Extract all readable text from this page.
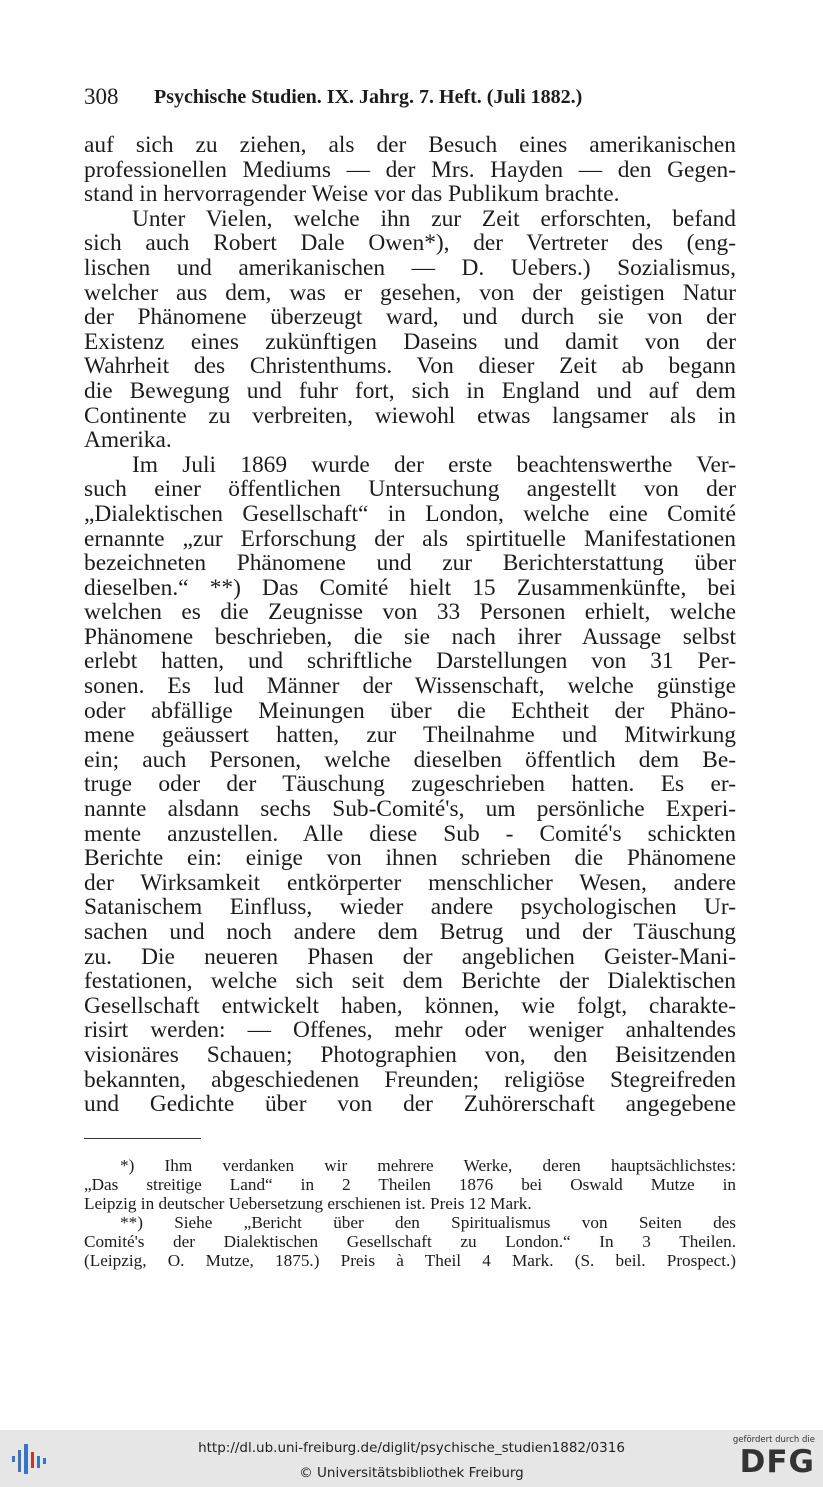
308 Psychische Studien. IX. Jahrg. 7. Heft. (Juli 1882.)
auf sich zu ziehen, als der Besuch eines amerikanischen
professionellen Mediums — der Mrs. Hayden — den Gegen-
stand in hervorragender Weise vor das Publikum brachte.
Unter Vielen, welche ihn zur Zeit erforschten, befand
sich auch Robert Dale Owen*), der Vertreter des (eng-
lischen und amerikanischen — D. Uebers.) Sozialismus,
welcher aus dem, was er gesehen, von der geistigen Natur
der Phänomene überzeugt ward, und durch sie von der
Existenz eines zukünftigen Daseins und damit von der
Wahrheit des Christenthums. Von dieser Zeit ab begann
die Bewegung und fuhr fort, sich in England und auf dem
Continente zu verbreiten, wiewohl etwas langsamer als in
Amerika.
Im Juli 1869 wurde der erste beachtenswerthe Ver-
such einer öffentlichen Untersuchung angestellt von der
„Dialektischen Gesellschaft“ in London, welche eine Comité
ernannte „zur Erforschung der als spirtituelle Manifestationen
bezeichneten Phänomene und zur Berichterstattung über
dieselben.“ **) Das Comité hielt 15 Zusammenkünfte, bei
welchen es die Zeugnisse von 33 Personen erhielt, welche
Phänomene beschrieben, die sie nach ihrer Aussage selbst
erlebt hatten, und schriftliche Darstellungen von 31 Per-
sonen. Es lud Männer der Wissenschaft, welche günstige
oder abfällige Meinungen über die Echtheit der Phäno-
mene geäussert hatten, zur Theilnahme und Mitwirkung
ein; auch Personen, welche dieselben öffentlich dem Be-
truge oder der Täuschung zugeschrieben hatten. Es er-
nannte alsdann sechs Sub-Comité's, um persönliche Experi-
mente anzustellen. Alle diese Sub - Comité's schickten
Berichte ein: einige von ihnen schrieben die Phänomene
der Wirksamkeit entkörperter menschlicher Wesen, andere
Satanischem Einfluss, wieder andere psychologischen Ur-
sachen und noch andere dem Betrug und der Täuschung
zu. Die neueren Phasen der angeblichen Geister-Mani-
festationen, welche sich seit dem Berichte der Dialektischen
Gesellschaft entwickelt haben, können, wie folgt, charakte-
risirt werden: — Offenes, mehr oder weniger anhaltendes
visionäres Schauen; Photographien von, den Beisitzenden
bekannten, abgeschiedenen Freunden; religiöse Stegreifreden
und Gedichte über von der Zuhörerschaft angegebene
*) Ihm verdanken wir mehrere Werke, deren hauptsächlichstes:
„Das streitige Land“ in 2 Theilen 1876 bei Oswald Mutze in
Leipzig in deutscher Uebersetzung erschienen ist. Preis 12 Mark.
**) Siehe „Bericht über den Spiritualismus von Seiten des
Comité's der Dialektischen Gesellschaft zu London.“ In 3 Theilen.
(Leipzig, O. Mutze, 1875.) Preis à Theil 4 Mark. (S. beil. Prospect.)
http://dl.ub.uni-freiburg.de/diglit/psychische_studien1882/0316
© Universitätsbibliothek Freiburg
gefördert durch die
DFG
